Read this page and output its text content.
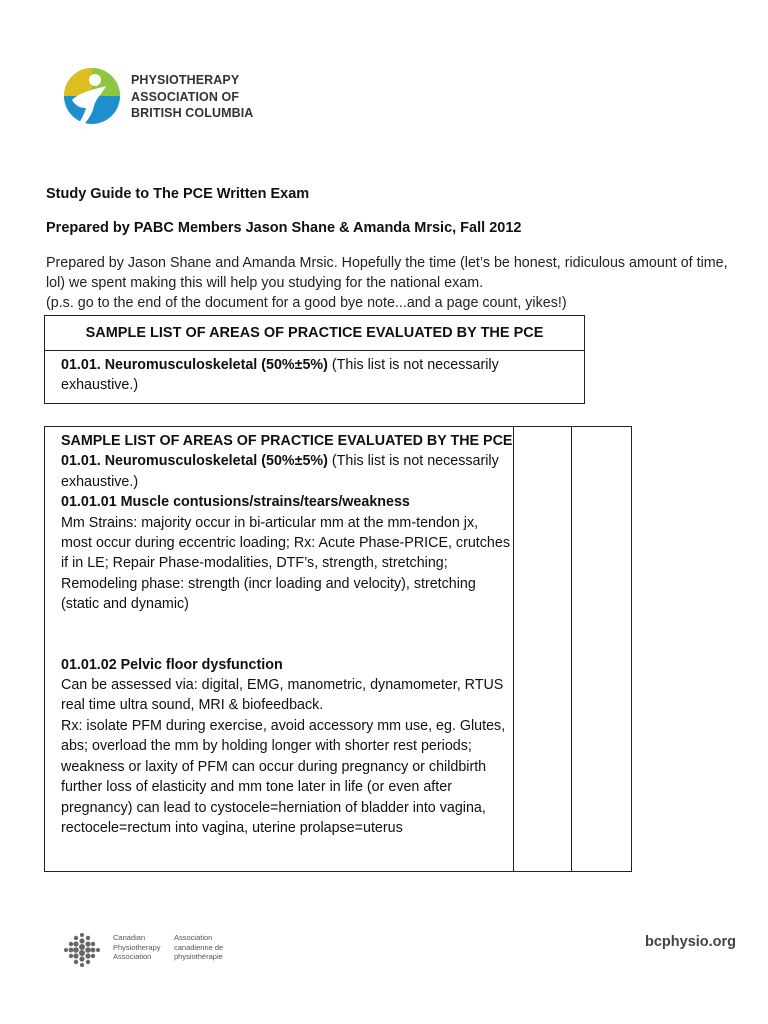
PHYSIOTHERAPY
ASSOCIATION OF
BRITISH COLUMBIA
Study Guide to The PCE Written Exam
Prepared by PABC Members Jason Shane & Amanda Mrsic, Fall 2012

Prepared by Jason Shane and Amanda Mrsic. Hopefully the time (let’s be honest, ridiculous amount of time, lol) we spent making this will help you studying for the national exam.

(p.s. go to the end of the document for a good bye note...and a page count, yikes!)

SAMPLE LIST OF AREAS OF PRACTICE EVALUATED BY THE PCE
01.01. Neuromusculoskeletal (50%±5%) (This list is not necessarily exhaustive.)

SAMPLE LIST OF AREAS OF PRACTICE EVALUATED BY THE PCE

01.01. Neuromusculoskeletal (50%±5%) (This list is not necessarily exhaustive.)

01.01.01 Muscle contusions/strains/tears/weakness

Mm Strains: majority occur in bi-articular mm at the mm-tendon jx, most occur during eccentric loading; Rx: Acute Phase-PRICE, crutches if in LE; Repair Phase-modalities, DTF’s, strength, stretching; Remodeling phase: strength (incr loading and velocity), stretching (static and dynamic)

01.01.02 Pelvic floor dysfunction

Can be assessed via: digital, EMG, manometric, dynamometer, RTUS real time ultra sound, MRI & biofeedback.

Rx: isolate PFM during exercise, avoid accessory mm use, eg. Glutes, abs; overload the mm by holding longer with shorter rest periods; weakness or laxity of PFM can occur during pregnancy or childbirth further loss of elasticity and mm tone later in life (or even after pregnancy) can lead to cystocele=herniation of bladder into vagina, rectocele=rectum into vagina, uterine prolapse=uterus

Canadian
Physiotherapy
Association
Association
canadienne de
physiothérapie
bcphysio.org
